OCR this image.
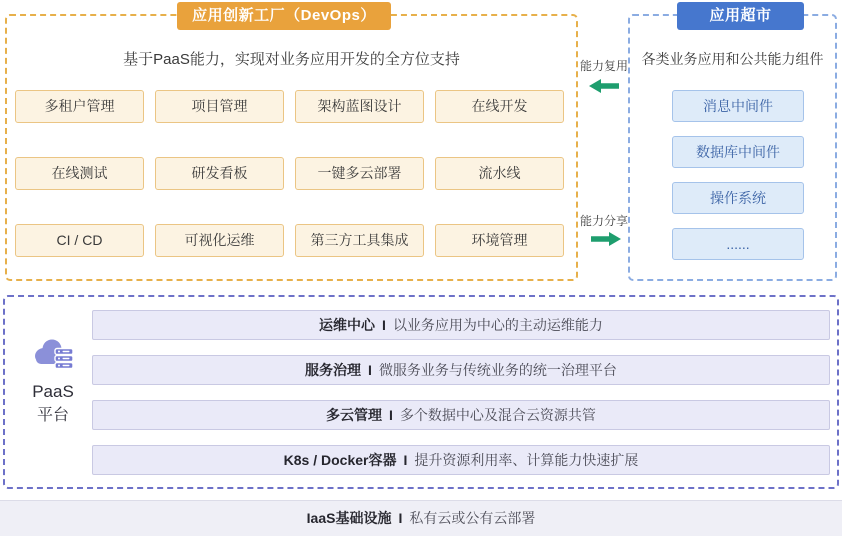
应用创新工厂（DevOps）
基于PaaS能力，实现对业务应用开发的全方位支持
多租户管理	项目管理	架构蓝图设计	在线开发
在线测试	研发看板	一键多云部署	流水线
CI / CD	可视化运维	第三方工具集成	环境管理
能力复用
能力分享
应用超市
各类业务应用和公共能力组件
消息中间件
数据库中间件
操作系统
......
PaaS
平台
运维中心 I 以业务应用为中心的主动运维能力
服务治理 I 微服务业务与传统业务的统一治理平台
多云管理 I 多个数据中心及混合云资源共管
K8s / Docker容器 I 提升资源利用率、计算能力快速扩展
IaaS基础设施 I 私有云或公有云部署
